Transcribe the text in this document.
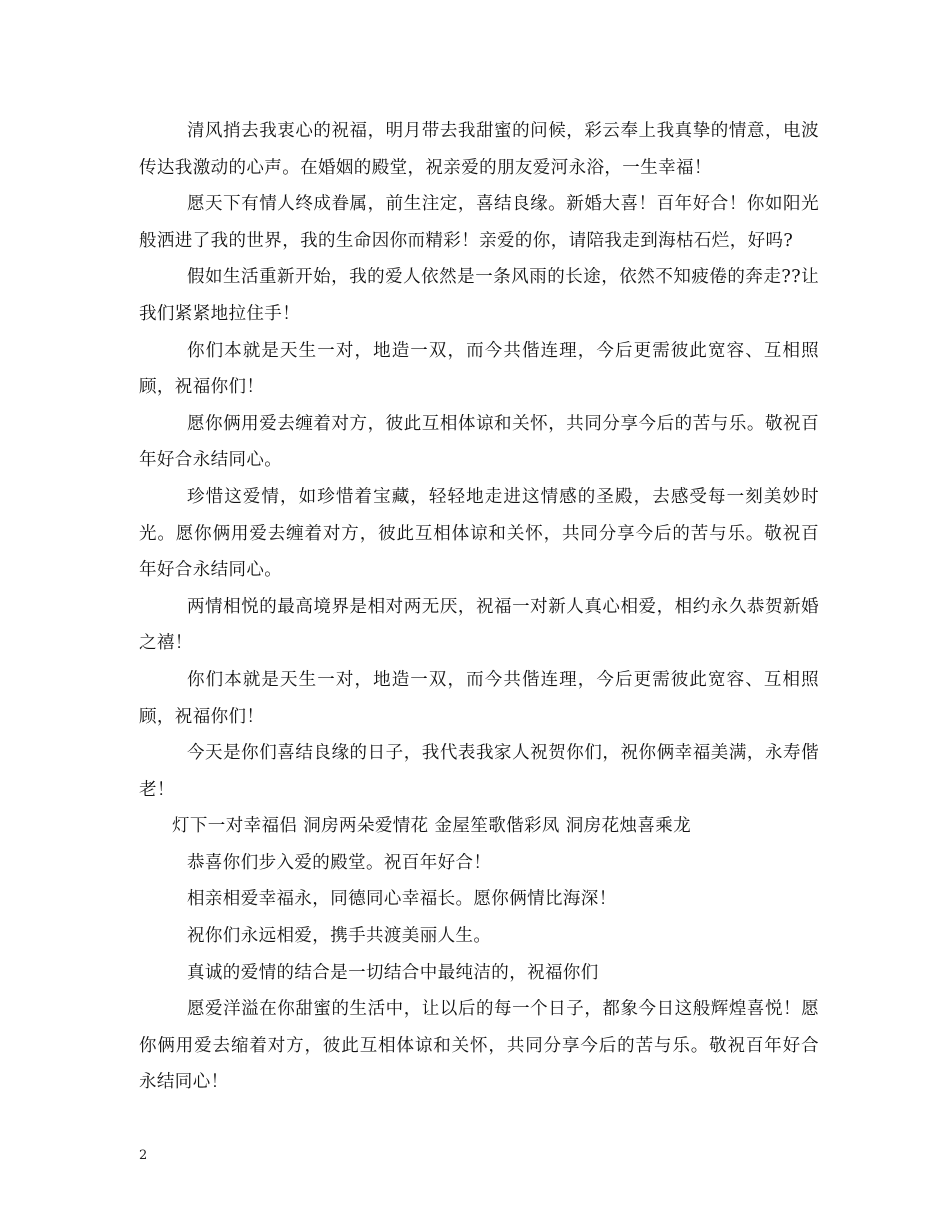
清风捎去我衷心的祝福，明月带去我甜蜜的问候，彩云奉上我真挚的情意，电波传达我激动的心声。在婚姻的殿堂，祝亲爱的朋友爱河永浴，一生幸福！

愿天下有情人终成眷属，前生注定，喜结良缘。新婚大喜！百年好合！你如阳光般洒进了我的世界，我的生命因你而精彩！亲爱的你，请陪我走到海枯石烂，好吗?

假如生活重新开始，我的爱人依然是一条风雨的长途，依然不知疲倦的奔走??让我们紧紧地拉住手！

你们本就是天生一对，地造一双，而今共偕连理，今后更需彼此宽容、互相照顾，祝福你们！

愿你俩用爱去缠着对方，彼此互相体谅和关怀，共同分享今后的苦与乐。敬祝百年好合永结同心。

珍惜这爱情，如珍惜着宝藏，轻轻地走进这情感的圣殿，去感受每一刻美妙时光。愿你俩用爱去缠着对方，彼此互相体谅和关怀，共同分享今后的苦与乐。敬祝百年好合永结同心。

两情相悦的最高境界是相对两无厌，祝福一对新人真心相爱，相约永久恭贺新婚之禧！

你们本就是天生一对，地造一双，而今共偕连理，今后更需彼此宽容、互相照顾，祝福你们！

今天是你们喜结良缘的日子，我代表我家人祝贺你们，祝你俩幸福美满，永寿偕老！

灯下一对幸福侣 洞房两朵爱情花 金屋笙歌偕彩凤 洞房花烛喜乘龙

恭喜你们步入爱的殿堂。祝百年好合！

相亲相爱幸福永，同德同心幸福长。愿你俩情比海深！

祝你们永远相爱，携手共渡美丽人生。

真诚的爱情的结合是一切结合中最纯洁的，祝福你们

愿爱洋溢在你甜蜜的生活中，让以后的每一个日子，都象今日这般辉煌喜悦！愿你俩用爱去缩着对方，彼此互相体谅和关怀，共同分享今后的苦与乐。敬祝百年好合永结同心！

2
